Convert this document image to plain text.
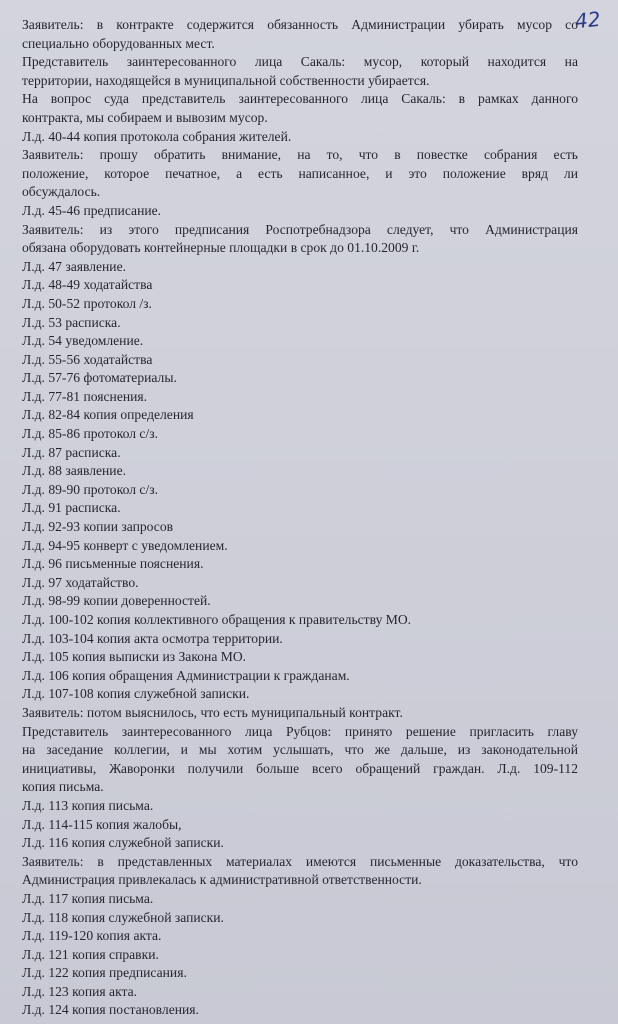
42
Заявитель: в контракте содержится обязанность Администрации убирать мусор со
специально оборудованных мест.
Представитель заинтересованного лица Сакаль: мусор, который находится на
территории, находящейся в муниципальной собственности убирается.
На вопрос суда представитель заинтересованного лица Сакаль: в рамках данного
контракта, мы собираем и вывозим мусор.
Л.д. 40-44 копия протокола собрания жителей.
Заявитель: прошу обратить внимание, на то, что в повестке собрания есть
положение, которое печатное, а есть написанное, и это положение вряд ли
обсуждалось.
Л.д. 45-46 предписание.
Заявитель: из этого предписания Роспотребнадзора следует, что Администрация
обязана оборудовать контейнерные площадки в срок до 01.10.2009 г.
Л.д. 47 заявление.
Л.д. 48-49 ходатайства
Л.д. 50-52 протокол /з.
Л.д. 53 расписка.
Л.д. 54 уведомление.
Л.д. 55-56 ходатайства
Л.д. 57-76 фотоматериалы.
Л.д. 77-81 пояснения.
Л.д. 82-84 копия определения
Л.д. 85-86 протокол с/з.
Л.д. 87 расписка.
Л.д. 88 заявление.
Л.д. 89-90 протокол с/з.
Л.д. 91 расписка.
Л.д. 92-93 копии запросов
Л.д. 94-95 конверт с уведомлением.
Л.д. 96 письменные пояснения.
Л.д. 97 ходатайство.
Л.д. 98-99 копии доверенностей.
Л.д. 100-102 копия коллективного обращения к правительству МО.
Л.д. 103-104 копия акта осмотра территории.
Л.д. 105 копия выписки из Закона МО.
Л.д. 106 копия обращения Администрации к гражданам.
Л.д. 107-108 копия служебной записки.
Заявитель: потом выяснилось, что есть муниципальный контракт.
Представитель заинтересованного лица Рубцов: принято решение пригласить главу
на заседание коллегии, и мы хотим услышать, что же дальше, из законодательной
инициативы, Жаворонки получили больше всего обращений граждан. Л.д. 109-112
копия письма.
Л.д. 113 копия письма.
Л.д. 114-115 копия жалобы,
Л.д. 116 копия служебной записки.
Заявитель: в представленных материалах имеются письменные доказательства, что
Администрация привлекалась к административной ответственности.
Л.д. 117 копия письма.
Л.д. 118 копия служебной записки.
Л.д. 119-120 копия акта.
Л.д. 121 копия справки.
Л.д. 122 копия предписания.
Л.д. 123 копия акта.
Л.д. 124 копия постановления.
